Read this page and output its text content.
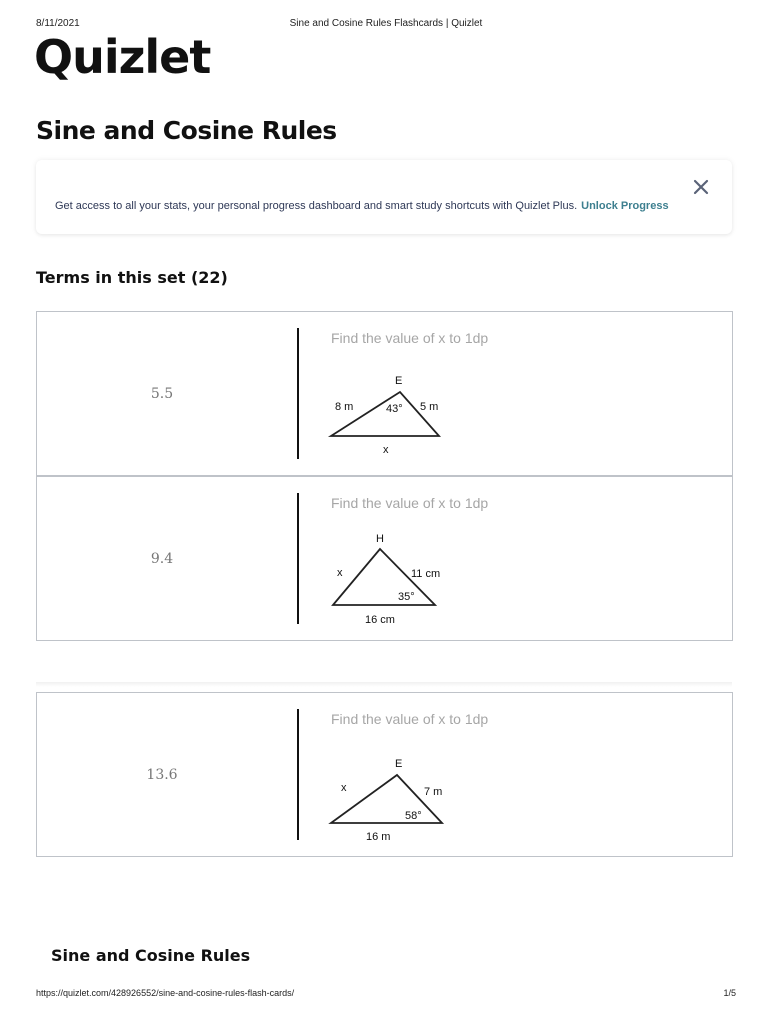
8/11/2021	Sine and Cosine Rules Flashcards | Quizlet
Quizlet
Sine and Cosine Rules
Get access to all your stats, your personal progress dashboard and smart study shortcuts with Quizlet Plus. Unlock Progress
Terms in this set (22)
5.5
Find the value of x to 1dp
E
8 m	43° 5 m
x
9.4
Find the value of x to 1dp
H
x	11 cm
35°
16 cm
13.6
Find the value of x to 1dp
E
x	7 m
58°
16 m
Sine and Cosine Rules
https://quizlet.com/428926552/sine-and-cosine-rules-flash-cards/	1/5
